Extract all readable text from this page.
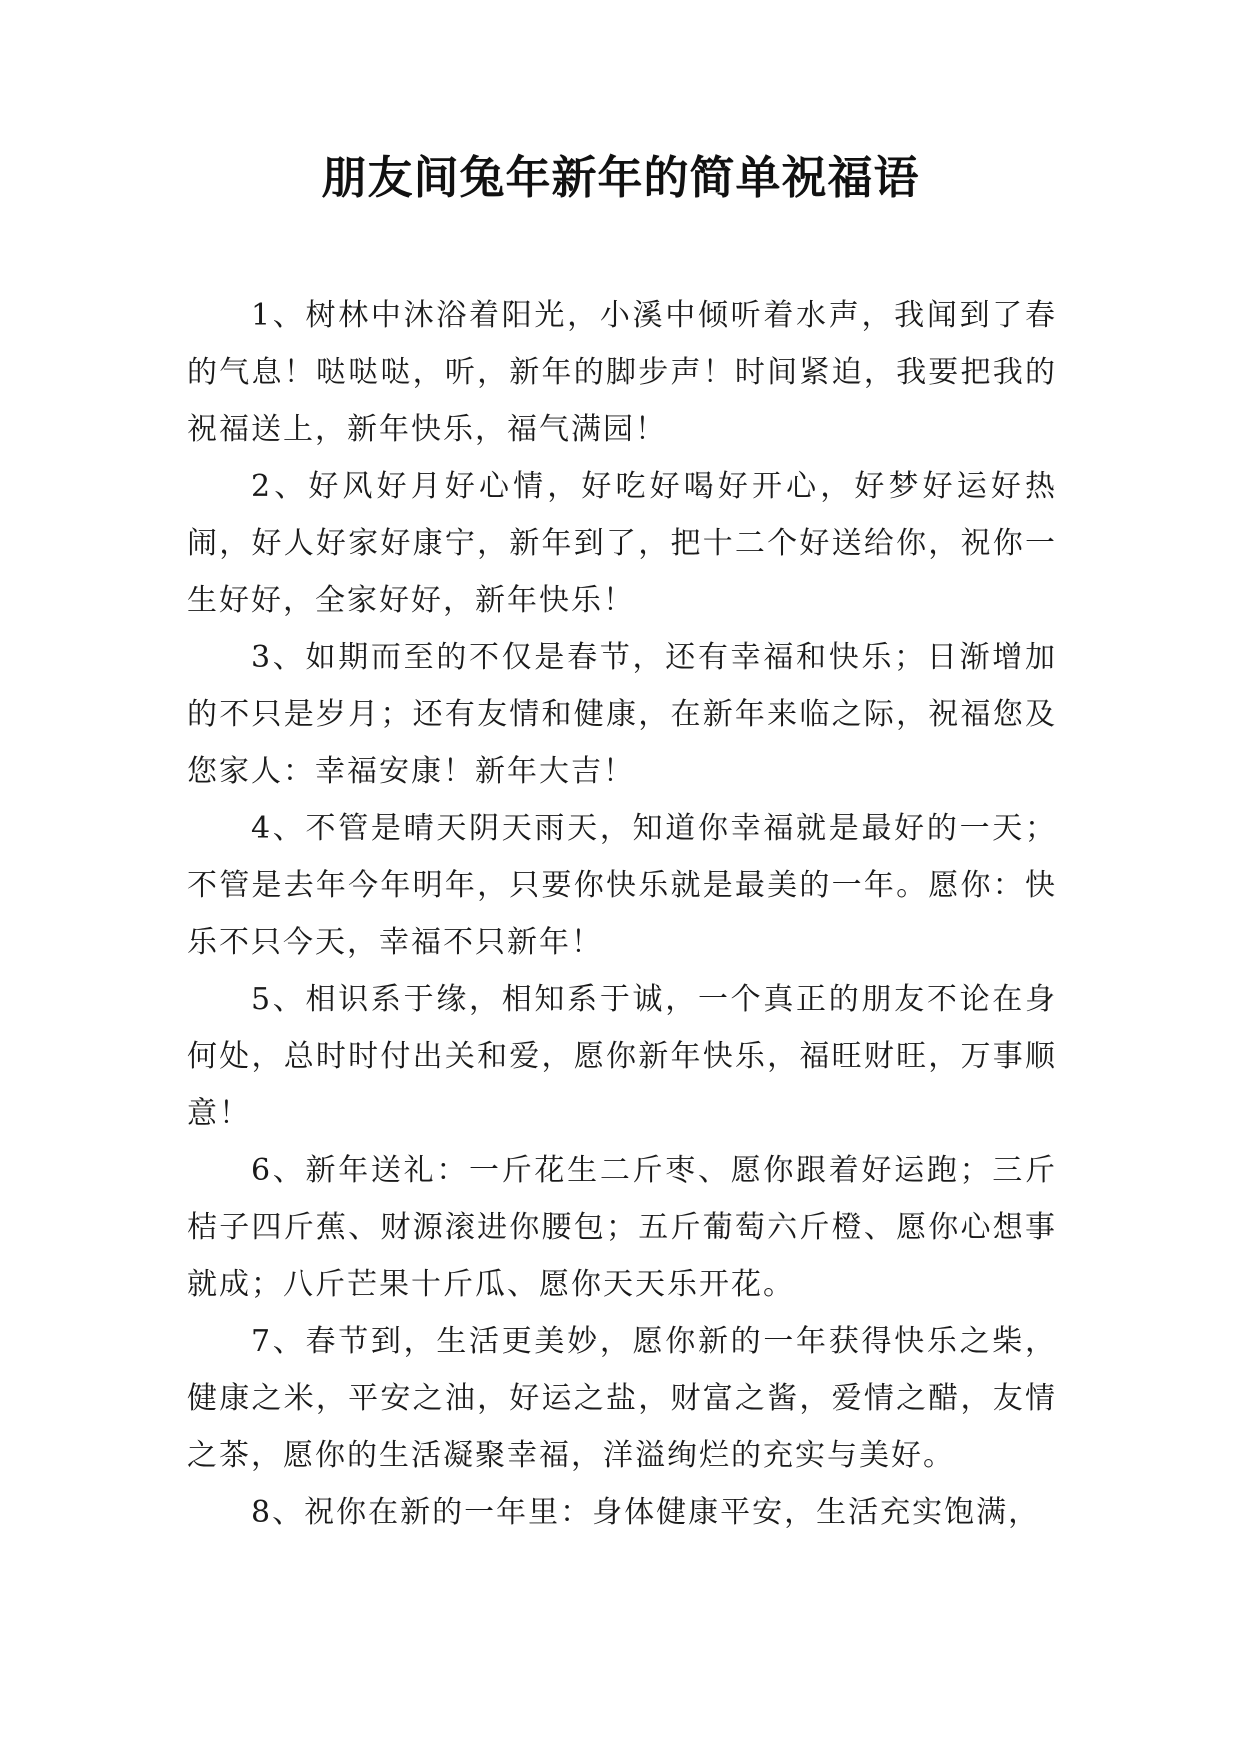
朋友间兔年新年的简单祝福语

1、树林中沐浴着阳光，小溪中倾听着水声，我闻到了春的气息！哒哒哒，听，新年的脚步声！时间紧迫，我要把我的祝福送上，新年快乐，福气满园！

2、好风好月好心情，好吃好喝好开心，好梦好运好热闹，好人好家好康宁，新年到了，把十二个好送给你，祝你一生好好，全家好好，新年快乐！

3、如期而至的不仅是春节，还有幸福和快乐；日渐增加的不只是岁月；还有友情和健康，在新年来临之际，祝福您及您家人：幸福安康！新年大吉！

4、不管是晴天阴天雨天，知道你幸福就是最好的一天；不管是去年今年明年，只要你快乐就是最美的一年。愿你：快乐不只今天，幸福不只新年！

5、相识系于缘，相知系于诚，一个真正的朋友不论在身何处，总时时付出关和爱，愿你新年快乐，福旺财旺，万事顺意！

6、新年送礼：一斤花生二斤枣、愿你跟着好运跑；三斤桔子四斤蕉、财源滚进你腰包；五斤葡萄六斤橙、愿你心想事就成；八斤芒果十斤瓜、愿你天天乐开花。

7、春节到，生活更美妙，愿你新的一年获得快乐之柴，健康之米，平安之油，好运之盐，财富之酱，爱情之醋，友情之茶，愿你的生活凝聚幸福，洋溢绚烂的充实与美好。

8、祝你在新的一年里：身体健康平安，生活充实饱满，
